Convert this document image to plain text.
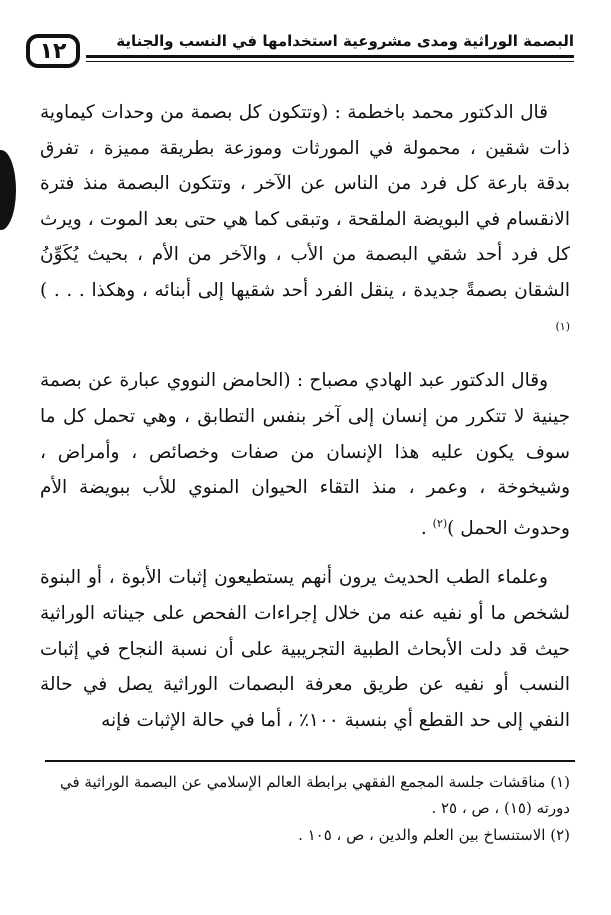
١٢	البصمة الوراثية ومدى مشروعية استخدامها في النسب والجناية

قال الدكتور محمد باخطمة : (وتتكون كل بصمة من وحدات كيماوية ذات شقين ، محمولة في المورثات وموزعة بطريقة مميزة ، تفرق بدقة بارعة كل فرد من الناس عن الآخر ، وتتكون البصمة منذ فترة الانقسام في البويضة الملقحة ، وتبقى كما هي حتى بعد الموت ، ويرث كل فرد أحد شقي البصمة من الأب ، والآخر من الأم ، بحيث يُكَوِّنُ الشقان بصمةً جديدة ، ينقل الفرد أحد شقيها إلى أبنائه ، وهكذا . . . )$^{(١)}$

وقال الدكتور عبد الهادي مصباح : (الحامض النووي عبارة عن بصمة جينية لا تتكرر من إنسان إلى آخر بنفس التطابق ، وهي تحمل كل ما سوف يكون عليه هذا الإنسان من صفات وخصائص ، وأمراض ، وشيخوخة ، وعمر ، منذ التقاء الحيوان المنوي للأب ببويضة الأم وحدوث الحمل )$^{(٢)}$ .

وعلماء الطب الحديث يرون أنهم يستطيعون إثبات الأبوة ، أو البنوة لشخص ما أو نفيه عنه من خلال إجراءات الفحص على جيناته الوراثية حيث قد دلت الأبحاث الطبية التجريبية على أن نسبة النجاح في إثبات النسب أو نفيه عن طريق معرفة البصمات الوراثية يصل في حالة النفي إلى حد القطع أي بنسبة ١٠٠٪ ، أما في حالة الإثبات فإنه

(١) مناقشات جلسة المجمع الفقهي برابطة العالم الإسلامي عن البصمة الوراثية في دورته (١٥) ، ص ، ٢٥ .

(٢) الاستنساخ بين العلم والدين ، ص ، ١٠٥ .
